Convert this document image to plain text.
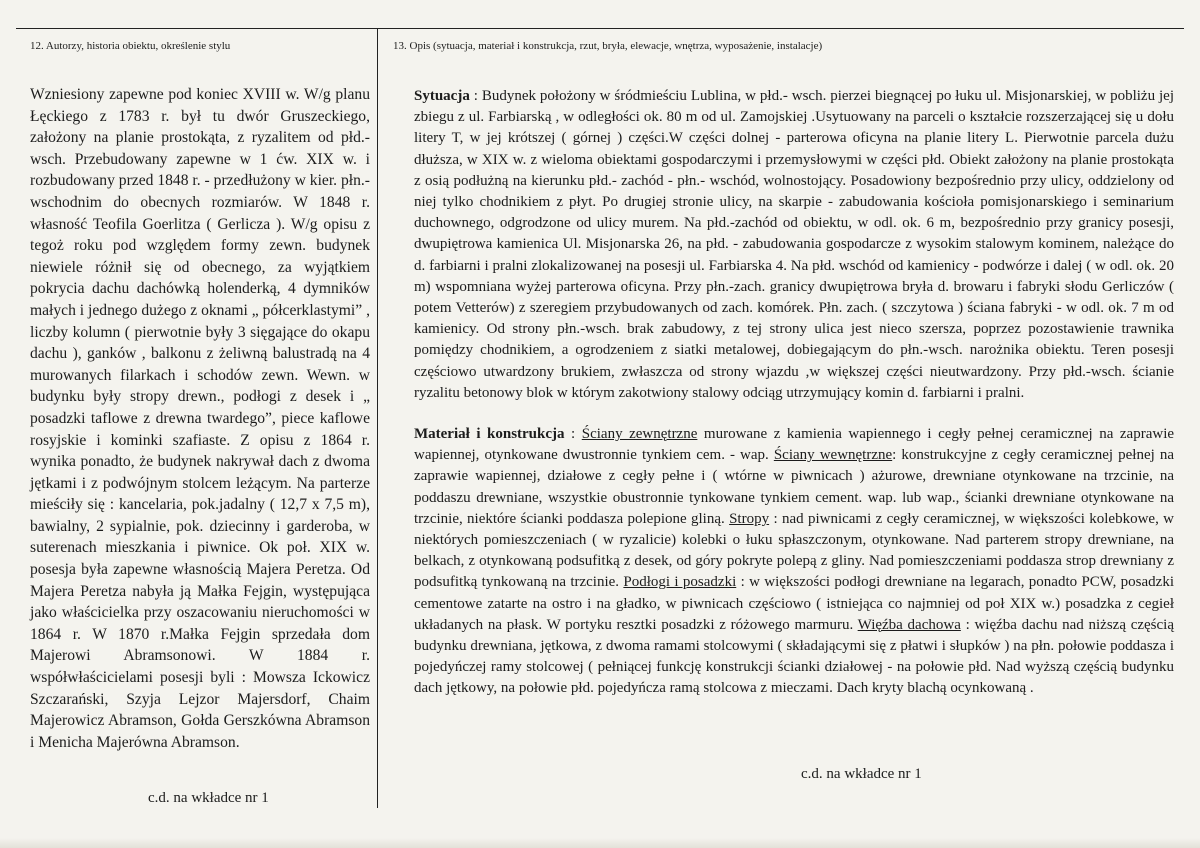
12. Autorzy, historia obiektu, określenie stylu	13. Opis (sytuacja, materiał i konstrukcja, rzut, bryła, elewacje, wnętrza, wyposażenie, instalacje)
Wzniesiony zapewne pod koniec XVIII w. W/g planu Łęckiego z 1783 r. był tu dwór Gruszeckiego, założony na planie prostokąta, z ryzalitem od płd.-wsch. Przebudowany zapewne w 1 ćw. XIX w. i rozbudowany przed 1848 r. - przedłużony w kier. płn.-wschodnim do obecnych rozmiarów. W 1848 r. własność Teofila Goerlitza ( Gerlicza ). W/g opisu z tegoż roku pod względem formy zewn. budynek niewiele różnił się od obecnego, za wyjątkiem pokrycia dachu dachówką holenderką, 4 dymników małych i jednego dużego z oknami „ półcerklastymi” , liczby kolumn ( pierwotnie były 3 sięgające do okapu dachu ), ganków , balkonu z żeliwną balustradą na 4 murowanych filarkach i schodów zewn. Wewn. w budynku były stropy drewn., podłogi z desek i „ posadzki taflowe z drewna twardego”, piece kaflowe rosyjskie i kominki szafiaste. Z opisu z 1864 r. wynika ponadto, że budynek nakrywał dach z dwoma jętkami i z podwójnym stolcem leżącym. Na parterze mieściły się : kancelaria, pok.jadalny ( 12,7 x 7,5 m), bawialny, 2 sypialnie, pok. dziecinny i garderoba, w suterenach mieszkania i piwnice. Ok poł. XIX w. posesja była zapewne własnością Majera Peretza. Od Majera Peretza nabyła ją Małka Fejgin, występująca jako właścicielka przy oszacowaniu nieruchomości w 1864 r. W 1870 r.Małka Fejgin sprzedała dom Majerowi Abramsonowi. W 1884 r. współwłaścicielami posesji byli : Mowsza Ickowicz Szczarański, Szyja Lejzor Majersdorf, Chaim Majerowicz Abramson, Gołda Gerszkówna Abramson i Menicha Majerówna Abramson.
c.d. na wkładce nr 1

Sytuacja : Budynek położony w śródmieściu Lublina, w płd.- wsch. pierzei biegnącej po łuku ul. Misjonarskiej, w pobliżu jej zbiegu z ul. Farbiarską , w odległości ok. 80 m od ul. Zamojskiej .Usytuowany na parceli o kształcie rozszerzającej się u dołu litery T, w jej krótszej ( górnej ) części.W części dolnej - parterowa oficyna na planie litery L. Pierwotnie parcela dużu dłuższa, w XIX w. z wieloma obiektami gospodarczymi i przemysłowymi w części płd. Obiekt założony na planie prostokąta z osią podłużną na kierunku płd.- zachód - płn.- wschód, wolnostojący. Posadowiony bezpośrednio przy ulicy, oddzielony od niej tylko chodnikiem z płyt. Po drugiej stronie ulicy, na skarpie - zabudowania kościoła pomisjonarskiego i seminarium duchownego, odgrodzone od ulicy murem. Na płd.-zachód od obiektu, w odl. ok. 6 m, bezpośrednio przy granicy posesji, dwupiętrowa kamienica Ul. Misjonarska 26, na płd. - zabudowania gospodarcze z wysokim stalowym kominem, należące do d. farbiarni i pralni zlokalizowanej na posesji ul. Farbiarska 4. Na płd. wschód od kamienicy - podwórze i dalej ( w odl. ok. 20 m) wspomniana wyżej parterowa oficyna. Przy płn.-zach. granicy dwupiętrowa bryła d. browaru i fabryki słodu Gerliczów ( potem Vetterów) z szeregiem przybudowanych od zach. komórek. Płn. zach. ( szczytowa ) ściana fabryki - w odl. ok. 7 m od kamienicy. Od strony płn.-wsch. brak zabudowy, z tej strony ulica jest nieco szersza, poprzez pozostawienie trawnika pomiędzy chodnikiem, a ogrodzeniem z siatki metalowej, dobiegającym do płn.-wsch. narożnika obiektu. Teren posesji częściowo utwardzony brukiem, zwłaszcza od strony wjazdu ,w większej części nieutwardzony. Przy płd.-wsch. ścianie ryzalitu betonowy blok w którym zakotwiony stalowy odciąg utrzymujący komin d. farbiarni i pralni.

Materiał i konstrukcja : Ściany zewnętrzne murowane z kamienia wapiennego i cegły pełnej ceramicznej na zaprawie wapiennej, otynkowane dwustronnie tynkiem cem. - wap. Ściany wewnętrzne: konstrukcyjne z cegły ceramicznej pełnej na zaprawie wapiennej, działowe z cegły pełne i ( wtórne w piwnicach ) ażurowe, drewniane otynkowane na trzcinie, na poddaszu drewniane, wszystkie obustronnie tynkowane tynkiem cement. wap. lub wap., ścianki drewniane otynkowane na trzcinie, niektóre ścianki poddasza polepione gliną. Stropy : nad piwnicami z cegły ceramicznej, w większości kolebkowe, w niektórych pomieszczeniach ( w ryzalicie) kolebki o łuku spłaszczonym, otynkowane. Nad parterem stropy drewniane, na belkach, z otynkowaną podsufitką z desek, od góry pokryte polepą z gliny. Nad pomieszczeniami poddasza strop drewniany z podsufitką tynkowaną na trzcinie. Podłogi i posadzki : w większości podłogi drewniane na legarach, ponadto PCW, posadzki cementowe zatarte na ostro i na gładko, w piwnicach częściowo ( istniejąca co najmniej od poł XIX w.) posadzka z cegieł układanych na płask. W portyku resztki posadzki z różowego marmuru. Więźba dachowa : więźba dachu nad niższą częścią budynku drewniana, jętkowa, z dwoma ramami stolcowymi ( składającymi się z płatwi i słupków ) na płn. połowie poddasza i pojedyńczej ramy stolcowej ( pełniącej funkcję konstrukcji ścianki działowej - na połowie płd. Nad wyższą częścią budynku dach jętkowy, na połowie płd. pojedyńcza ramą stolcowa z mieczami. Dach kryty blachą ocynkowaną .

c.d. na wkładce nr 1
